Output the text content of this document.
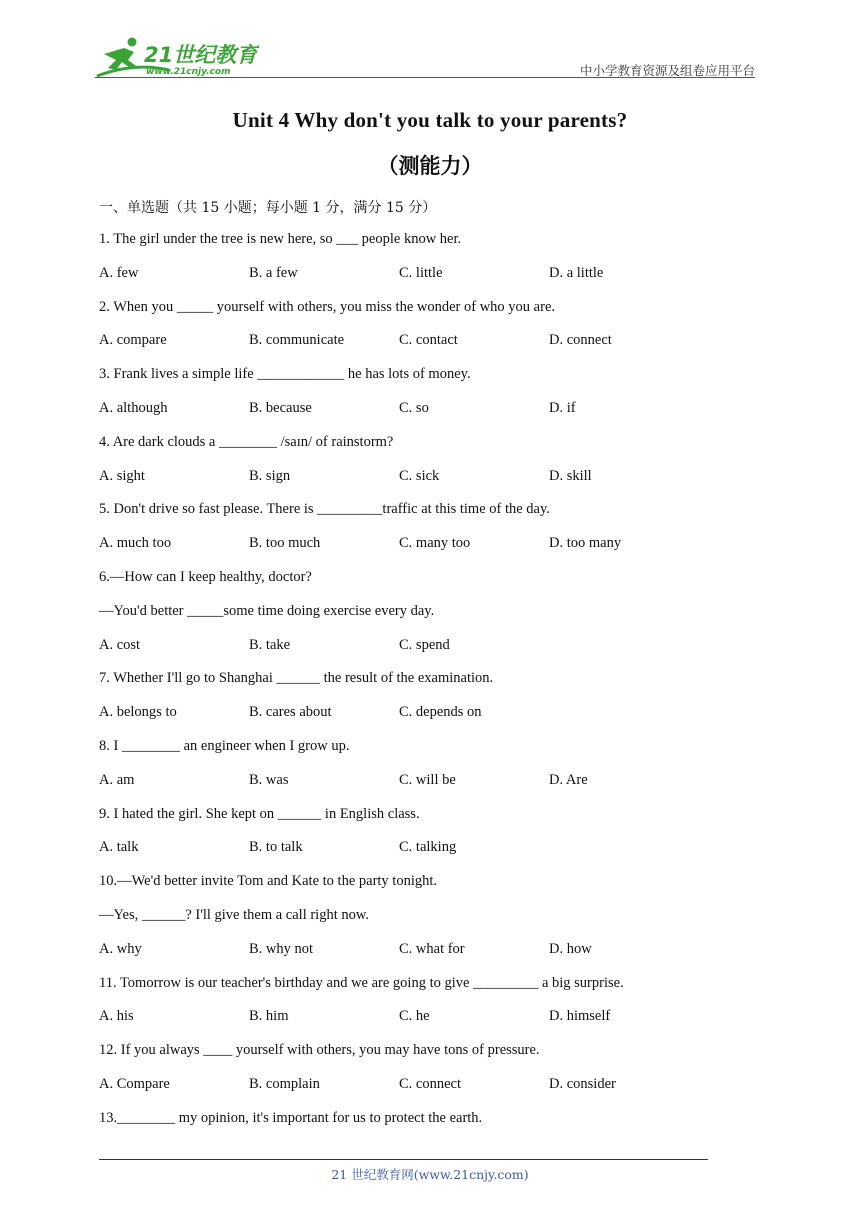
21世纪教育
www.21cnjy.com	中小学教育资源及组卷应用平台
Unit 4 Why don't you talk to your parents?
（测能力）
一、单选题（共 15 小题；每小题 1 分，满分 15 分）
1. The girl under the tree is new here, so ___ people know her.
A. few	B. a few	C. little	D. a little
2. When you _____ yourself with others, you miss the wonder of who you are.
A. compare	B. communicate	C. contact	D. connect
3. Frank lives a simple life ____________ he has lots of money.
A. although	B. because	C. so	D. if
4. Are dark clouds a ________ /saɪn/ of rainstorm?
A. sight	B. sign	C. sick	D. skill
5. Don't drive so fast please. There is _________traffic at this time of the day.
A. much too	B. too much	C. many too	D. too many
6.—How can I keep healthy, doctor?
—You'd better _____some time doing exercise every day.
A. cost	B. take	C. spend
7. Whether I'll go to Shanghai ______ the result of the examination.
A. belongs to	B. cares about	C. depends on
8. I ________ an engineer when I grow up.
A. am	B. was	C. will be	D. Are
9. I hated the girl. She kept on ______ in English class.
A. talk	B. to talk	C. talking
10.—We'd better invite Tom and Kate to the party tonight.
—Yes, ______? I'll give them a call right now.
A. why	B. why not	C. what for	D. how
11. Tomorrow is our teacher's birthday and we are going to give _________ a big surprise.
A. his	B. him	C. he	D. himself
12. If you always ____ yourself with others, you may have tons of pressure.
A. Compare	B. complain	C. connect	D. consider
13.________ my opinion, it's important for us to protect the earth.
21 世纪教育网(www.21cnjy.com)
